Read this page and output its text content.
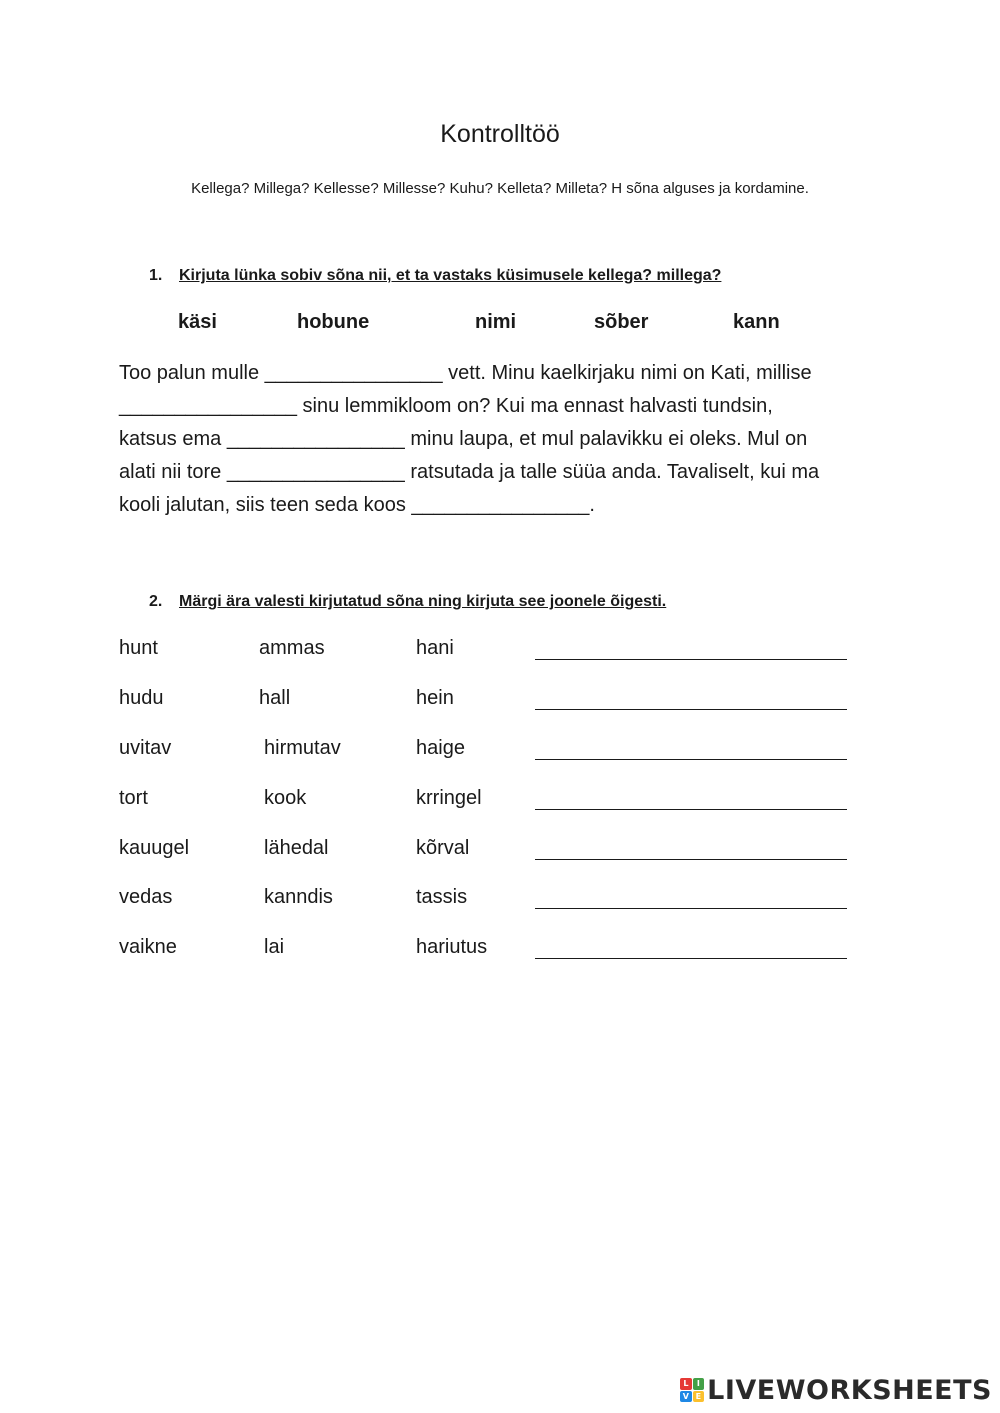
Kontrolltöö
Kellega? Millega? Kellesse? Millesse? Kuhu? Kelleta? Milleta? H sõna alguses ja kordamine.
1. Kirjuta lünka sobiv sõna nii, et ta vastaks küsimusele kellega? millega?
käsi	hobune	nimi	sõber	kann
Too palun mulle ________________ vett. Minu kaelkirjaku nimi on Kati, millise
________________ sinu lemmikloom on? Kui ma ennast halvasti tundsin,
katsus ema ________________ minu laupa, et mul palavikku ei oleks. Mul on
alati nii tore ________________ ratsutada ja talle süüa anda. Tavaliselt, kui ma
kooli jalutan, siis teen seda koos ________________.
2. Märgi ära valesti kirjutatud sõna ning kirjuta see joonele õigesti.
hunt	ammas	hani
hudu	hall	hein
uvitav	hirmutav	haige
tort	kook	krringel
kauugel	lähedal	kõrval
vedas	kanndis	tassis
vaikne	lai	hariutus
L	I
V E LIVEWORKSHEETS
